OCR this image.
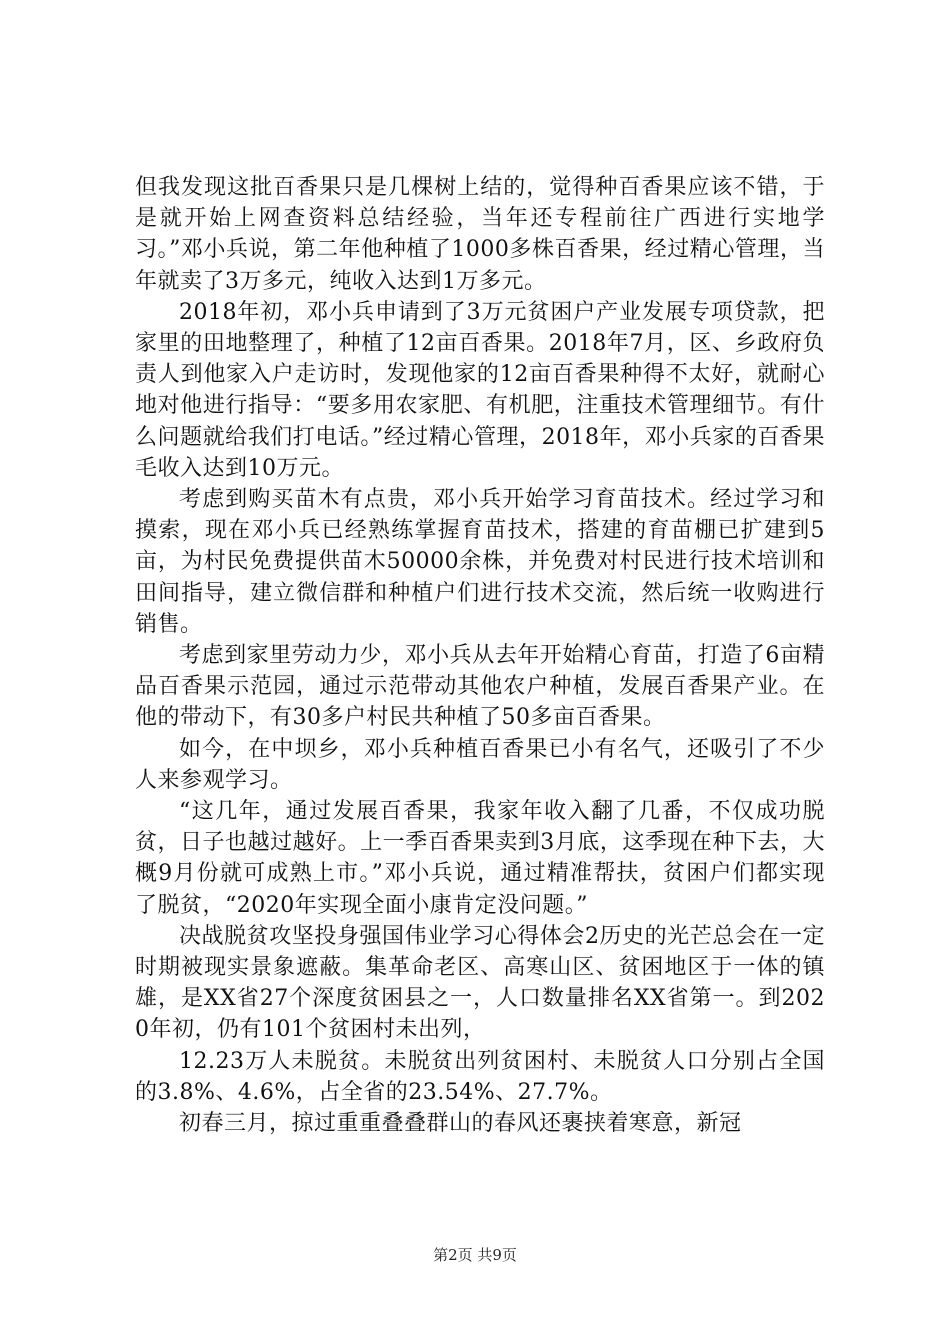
但我发现这批百香果只是几棵树上结的，觉得种百香果应该不错，于是就开始上网查资料总结经验，当年还专程前往广西进行实地学习。”邓小兵说，第二年他种植了1000多株百香果，经过精心管理，当年就卖了3万多元，纯收入达到1万多元。

2018年初，邓小兵申请到了3万元贫困户产业发展专项贷款，把家里的田地整理了，种植了12亩百香果。2018年7月，区、乡政府负责人到他家入户走访时，发现他家的12亩百香果种得不太好，就耐心地对他进行指导：“要多用农家肥、有机肥，注重技术管理细节。有什么问题就给我们打电话。”经过精心管理，2018年，邓小兵家的百香果毛收入达到10万元。

考虑到购买苗木有点贵，邓小兵开始学习育苗技术。经过学习和摸索，现在邓小兵已经熟练掌握育苗技术，搭建的育苗棚已扩建到5亩，为村民免费提供苗木50000余株，并免费对村民进行技术培训和田间指导，建立微信群和种植户们进行技术交流，然后统一收购进行销售。

考虑到家里劳动力少，邓小兵从去年开始精心育苗，打造了6亩精品百香果示范园，通过示范带动其他农户种植，发展百香果产业。在他的带动下，有30多户村民共种植了50多亩百香果。

如今，在中坝乡，邓小兵种植百香果已小有名气，还吸引了不少人来参观学习。

“这几年，通过发展百香果，我家年收入翻了几番，不仅成功脱贫，日子也越过越好。上一季百香果卖到3月底，这季现在种下去，大概9月份就可成熟上市。”邓小兵说，通过精准帮扶，贫困户们都实现了脱贫，“2020年实现全面小康肯定没问题。”

决战脱贫攻坚投身强国伟业学习心得体会2历史的光芒总会在一定时期被现实景象遮蔽。集革命老区、高寒山区、贫困地区于一体的镇雄，是XX省27个深度贫困县之一，人口数量排名XX省第一。到2020年初，仍有101个贫困村未出列，

12.23万人未脱贫。未脱贫出列贫困村、未脱贫人口分别占全国的3.8%、4.6%，占全省的23.54%、27.7%。

初春三月，掠过重重叠叠群山的春风还裹挟着寒意，新冠

第2页 共9页
